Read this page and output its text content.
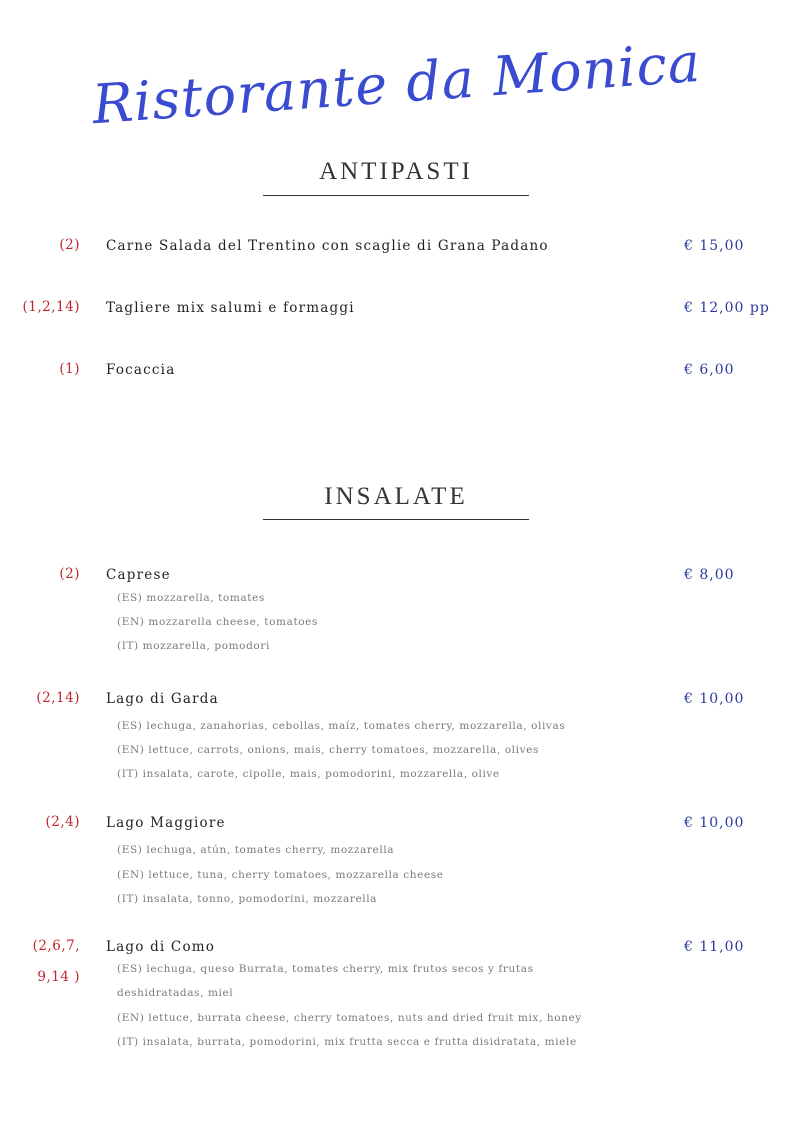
Ristorante da Monica
ANTIPASTI
(2) Carne Salada del Trentino con scaglie di Grana Padano	€ 15,00
(1,2,14) Tagliere mix salumi e formaggi	€ 12,00 pp
(1) Focaccia	€ 6,00
INSALATE
(2) Caprese	€ 8,00
(ES) mozzarella, tomates
(EN) mozzarella cheese, tomatoes
(IT) mozzarella, pomodori
(2,14) Lago di Garda	€ 10,00
(ES) lechuga, zanahorias, cebollas, maíz, tomates cherry, mozzarella, olivas
(EN) lettuce, carrots, onions, mais, cherry tomatoes, mozzarella, olives
(IT) insalata, carote, cipolle, mais, pomodorini, mozzarella, olive
(2,4) Lago Maggiore	€ 10,00
(ES) lechuga, atún, tomates cherry, mozzarella
(EN) lettuce, tuna, cherry tomatoes, mozzarella cheese
(IT) insalata, tonno, pomodorini, mozzarella
(2,6,7,
9,14 )
Lago di Como	€ 11,00
(ES) lechuga, queso Burrata, tomates cherry, mix frutos secos y frutas
deshidratadas, miel
(EN) lettuce, burrata cheese, cherry tomatoes, nuts and dried fruit mix, honey
(IT) insalata, burrata, pomodorini, mix frutta secca e frutta disidratata, miele
